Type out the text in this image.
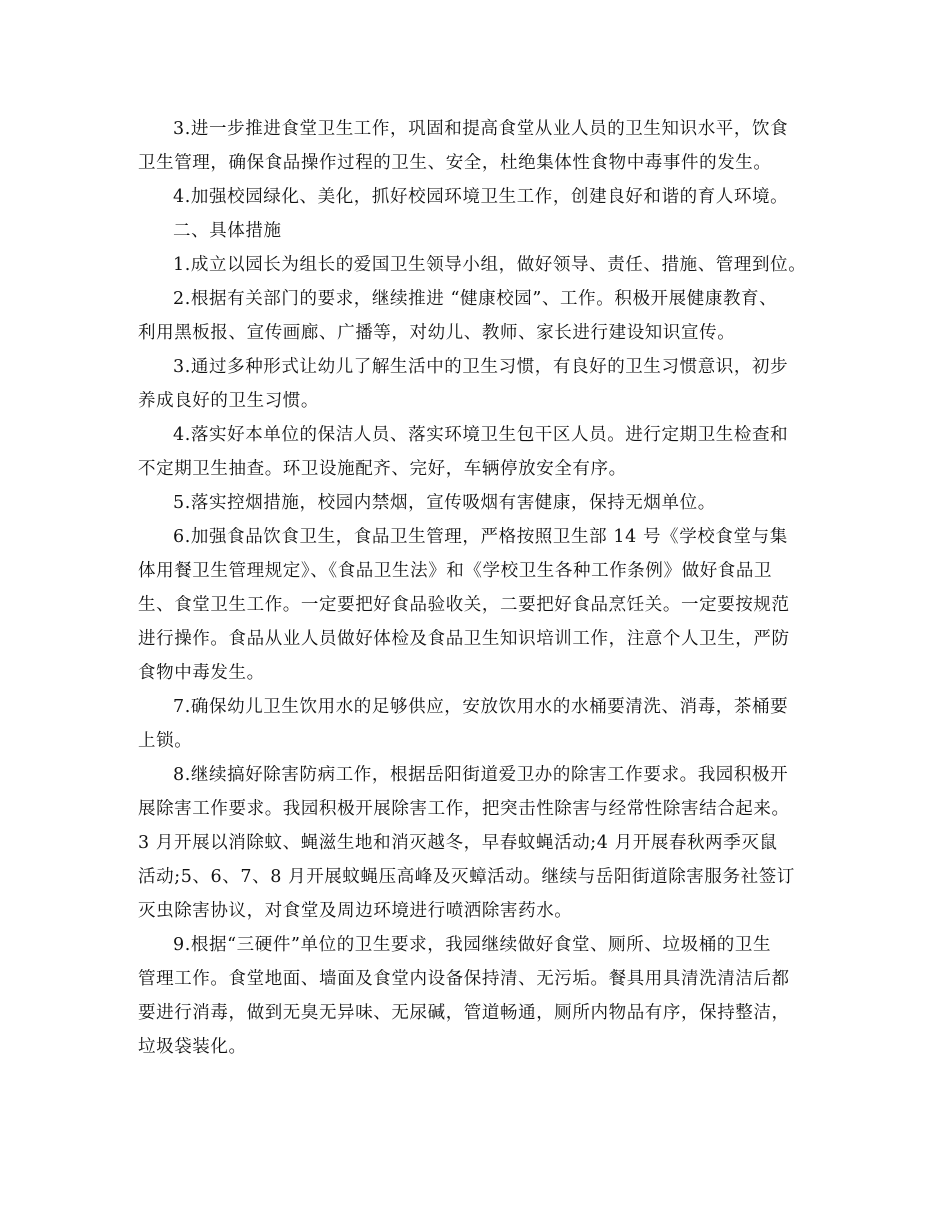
3.进一步推进食堂卫生工作，巩固和提高食堂从业人员的卫生知识水平，饮食
卫生管理，确保食品操作过程的卫生、安全，杜绝集体性食物中毒事件的发生。
4.加强校园绿化、美化，抓好校园环境卫生工作，创建良好和谐的育人环境。
二、具体措施
1.成立以园长为组长的爱国卫生领导小组，做好领导、责任、措施、管理到位。
2.根据有关部门的要求，继续推进 “健康校园”、工作。积极开展健康教育、
利用黑板报、宣传画廊、广播等，对幼儿、教师、家长进行建设知识宣传。
3.通过多种形式让幼儿了解生活中的卫生习惯，有良好的卫生习惯意识，初步
养成良好的卫生习惯。
4.落实好本单位的保洁人员、落实环境卫生包干区人员。进行定期卫生检查和
不定期卫生抽查。环卫设施配齐、完好，车辆停放安全有序。
5.落实控烟措施，校园内禁烟，宣传吸烟有害健康，保持无烟单位。
6.加强食品饮食卫生，食品卫生管理，严格按照卫生部 14 号《学校食堂与集
体用餐卫生管理规定》、《食品卫生法》和《学校卫生各种工作条例》做好食品卫
生、食堂卫生工作。一定要把好食品验收关，二要把好食品烹饪关。一定要按规范
进行操作。食品从业人员做好体检及食品卫生知识培训工作，注意个人卫生，严防
食物中毒发生。
7.确保幼儿卫生饮用水的足够供应，安放饮用水的水桶要清洗、消毒，茶桶要
上锁。
8.继续搞好除害防病工作，根据岳阳街道爱卫办的除害工作要求。我园积极开
展除害工作要求。我园积极开展除害工作，把突击性除害与经常性除害结合起来。
3 月开展以消除蚊、蝇滋生地和消灭越冬，早春蚊蝇活动;4 月开展春秋两季灭鼠
活动;5、6、7、8 月开展蚊蝇压高峰及灭蟑活动。继续与岳阳街道除害服务社签订
灭虫除害协议，对食堂及周边环境进行喷洒除害药水。
9.根据“三硬件”单位的卫生要求，我园继续做好食堂、厕所、垃圾桶的卫生
管理工作。食堂地面、墙面及食堂内设备保持清、无污垢。餐具用具清洗清洁后都
要进行消毒，做到无臭无异味、无尿碱，管道畅通，厕所内物品有序，保持整洁，
垃圾袋装化。
